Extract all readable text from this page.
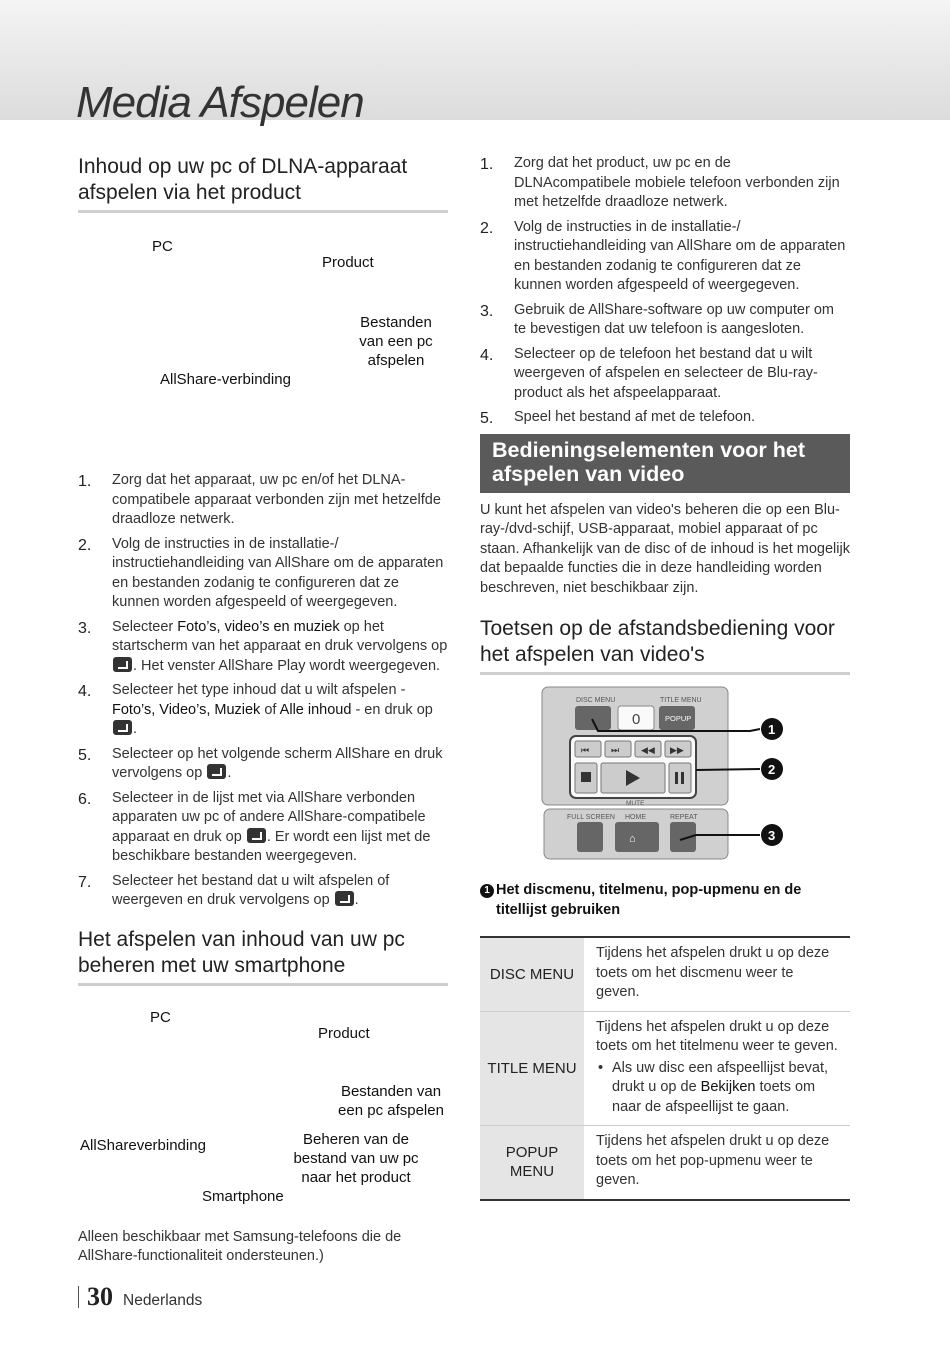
Media Afspelen
Inhoud op uw pc of DLNA-apparaat afspelen via het product
PC
Product
Bestanden van een pc afspelen
AllShare-verbinding
1. Zorg dat het apparaat, uw pc en/of het DLNA-compatibele apparaat verbonden zijn met hetzelfde draadloze netwerk.
2. Volg de instructies in de installatie-/ instructiehandleiding van AllShare om de apparaten en bestanden zodanig te configureren dat ze kunnen worden afgespeeld of weergegeven.
3. Selecteer Foto’s, video’s en muziek op het startscherm van het apparaat en druk vervolgens op . Het venster AllShare Play wordt weergegeven.
4. Selecteer het type inhoud dat u wilt afspelen - Foto’s, Video’s, Muziek of Alle inhoud - en druk op .
5. Selecteer op het volgende scherm AllShare en druk vervolgens op .
6. Selecteer in de lijst met via AllShare verbonden apparaten uw pc of andere AllShare-compatibele apparaat en druk op . Er wordt een lijst met de beschikbare bestanden weergegeven.
7. Selecteer het bestand dat u wilt afspelen of weergeven en druk vervolgens op .
Het afspelen van inhoud van uw pc beheren met uw smartphone
PC
Product
Bestanden van een pc afspelen
AllShareverbinding	Beheren van de bestand van uw pc naar het product
Smartphone

Alleen beschikbaar met Samsung-telefoons die de AllShare-functionaliteit ondersteunen.)

1. Zorg dat het product, uw pc en de DLNAcompatibele mobiele telefoon verbonden zijn met hetzelfde draadloze netwerk.
2. Volg de instructies in de installatie-/ instructiehandleiding van AllShare om de apparaten en bestanden zodanig te configureren dat ze kunnen worden afgespeeld of weergegeven.
3. Gebruik de AllShare-software op uw computer om te bevestigen dat uw telefoon is aangesloten.
4. Selecteer op de telefoon het bestand dat u wilt weergeven of afspelen en selecteer de Blu-ray-product als het afspeelapparaat.
5. Speel het bestand af met de telefoon.
Bedieningselementen voor het afspelen van video

U kunt het afspelen van video's beheren die op een Blu-ray-/dvd-schijf, USB-apparaat, mobiel apparaat of pc staan. Afhankelijk van de disc of de inhoud is het mogelijk dat bepaalde functies die in deze handleiding worden beschreven, niet beschikbaar zijn.

Toetsen op de afstandsbediening voor het afspelen van video's
DISC MENU	TITLE MENU
0	POPUP
⏮ ⏭ ◀◀ ▶▶
MUTE
FULL SCREEN HOME	REPEAT
⌂
1
2
3

1 Het discmenu, titelmenu, pop-upmenu en de titellijst gebruiken

DISC MENU	Tijdens het afspelen drukt u op deze toets om het discmenu weer te geven.
TITLE MENU	Tijdens het afspelen drukt u op deze toets om het titelmenu weer te geven.
• Als uw disc een afspeellijst bevat, drukt u op de Bekijken toets om naar de afspeellijst te gaan.

POPUP MENU	Tijdens het afspelen drukt u op deze toets om het pop-upmenu weer te geven.
30 Nederlands
